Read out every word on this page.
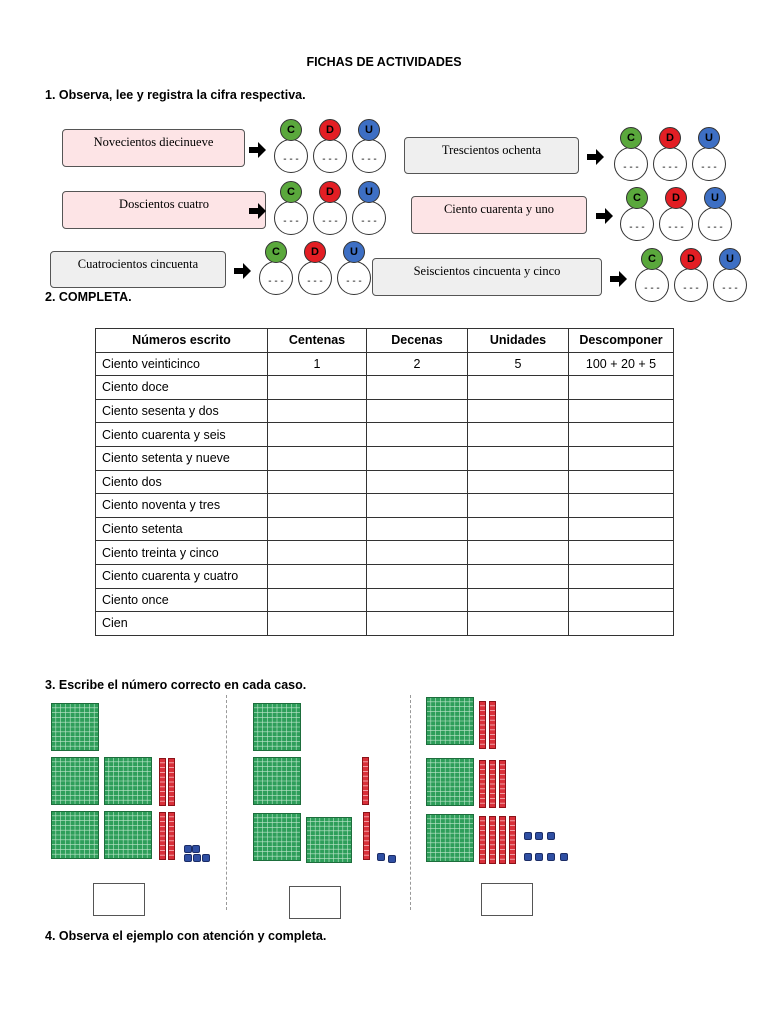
FICHAS DE ACTIVIDADES
1. Observa, lee y registra la cifra respectiva.
Novecientos diecinueve
- - -
C
- - -
D
- - -
U
Doscientos cuatro
- - -
C
- - -
D
- - -
U
Cuatrocientos cincuenta
- - -
C
- - -
D
- - -
U
Trescientos ochenta
- - -
C
- - -
D
- - -
U
Ciento cuarenta y uno
- - -
C
- - -
D
- - -
U
Seiscientos cincuenta y cinco
- - -
C
- - -
D
- - -
U
2. COMPLETA.
Números escrito	Centenas	Decenas	Unidades	Descomponer
Ciento veinticinco	1	2	5	100 + 20 + 5
Ciento doce				
Ciento sesenta y dos				
Ciento cuarenta y seis				
Ciento setenta y nueve				
Ciento dos				
Ciento noventa y tres				
Ciento setenta				
Ciento treinta y cinco				
Ciento cuarenta y cuatro				
Ciento once				
Cien				
3. Escribe el número correcto en cada caso.
4. Observa el ejemplo con atención y completa.
